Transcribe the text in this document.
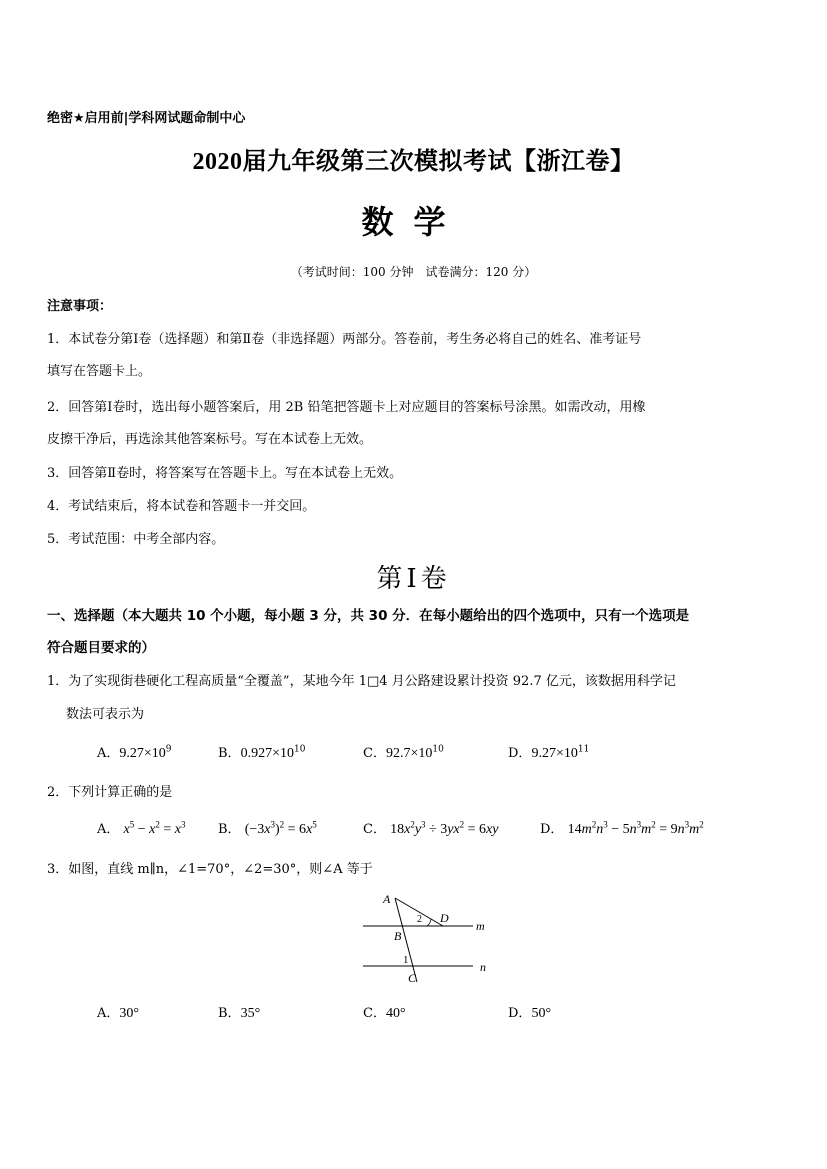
绝密★启用前|学科网试题命制中心
2020届九年级第三次模拟考试【浙江卷】
数学
（考试时间：100 分钟　试卷满分：120 分）
注意事项：
1．本试卷分第Ⅰ卷（选择题）和第Ⅱ卷（非选择题）两部分。答卷前，考生务必将自己的姓名、准考证号
填写在答题卡上。
2．回答第Ⅰ卷时，选出每小题答案后，用 2B 铅笔把答题卡上对应题目的答案标号涂黑。如需改动，用橡
皮擦干净后，再选涂其他答案标号。写在本试卷上无效。
3．回答第Ⅱ卷时，将答案写在答题卡上。写在本试卷上无效。
4．考试结束后，将本试卷和答题卡一并交回。
5．考试范围：中考全部内容。
第Ⅰ卷
一、选择题（本大题共 10 个小题，每小题 3 分，共 30 分．在每小题给出的四个选项中，只有一个选项是
符合题目要求的）
1．为了实现街巷硬化工程高质量“全覆盖”，某地今年 1□4 月公路建设累计投资 92.7 亿元，该数据用科学记
数法可表示为
A．$9.27\times 10^9$	B．$0.927\times 10^{10}$	C．$92.7\times 10^{10}$	D．$9.27\times 10^{11}$
2．下列计算正确的是
A． $x^5 - x^2 = x^3$	B． $(-3x^3)^2 = 6x^5$	C． $18x^2y^3 \div 3yx^2 = 6xy$	D． $14m^2n^3 - 5n^3m^2 = 9n^3m^2$
3．如图，直线 m∥n，∠1=70°，∠2=30°，则∠A 等于
A
B
C
D
m
n
1
2
A．30°	B．35°	C．40°	D．50°
